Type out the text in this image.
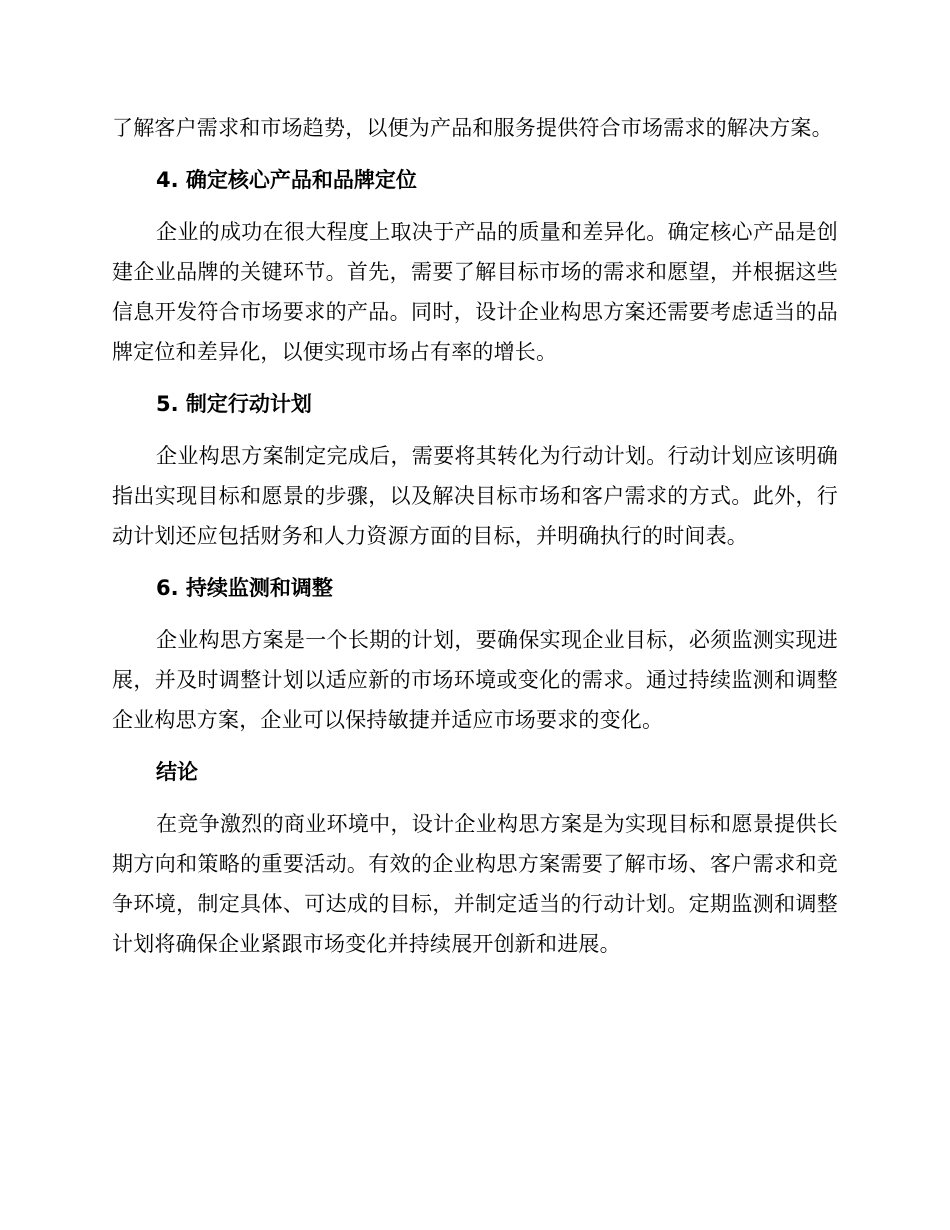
了解客户需求和市场趋势，以便为产品和服务提供符合市场需求的解决方案。

4. 确定核心产品和品牌定位

企业的成功在很大程度上取决于产品的质量和差异化。确定核心产品是创建企业品牌的关键环节。首先，需要了解目标市场的需求和愿望，并根据这些信息开发符合市场要求的产品。同时，设计企业构思方案还需要考虑适当的品牌定位和差异化，以便实现市场占有率的增长。

5. 制定行动计划

企业构思方案制定完成后，需要将其转化为行动计划。行动计划应该明确指出实现目标和愿景的步骤，以及解决目标市场和客户需求的方式。此外，行动计划还应包括财务和人力资源方面的目标，并明确执行的时间表。

6. 持续监测和调整

企业构思方案是一个长期的计划，要确保实现企业目标，必须监测实现进展，并及时调整计划以适应新的市场环境或变化的需求。通过持续监测和调整企业构思方案，企业可以保持敏捷并适应市场要求的变化。

结论

在竞争激烈的商业环境中，设计企业构思方案是为实现目标和愿景提供长期方向和策略的重要活动。有效的企业构思方案需要了解市场、客户需求和竞争环境，制定具体、可达成的目标，并制定适当的行动计划。定期监测和调整计划将确保企业紧跟市场变化并持续展开创新和进展。
